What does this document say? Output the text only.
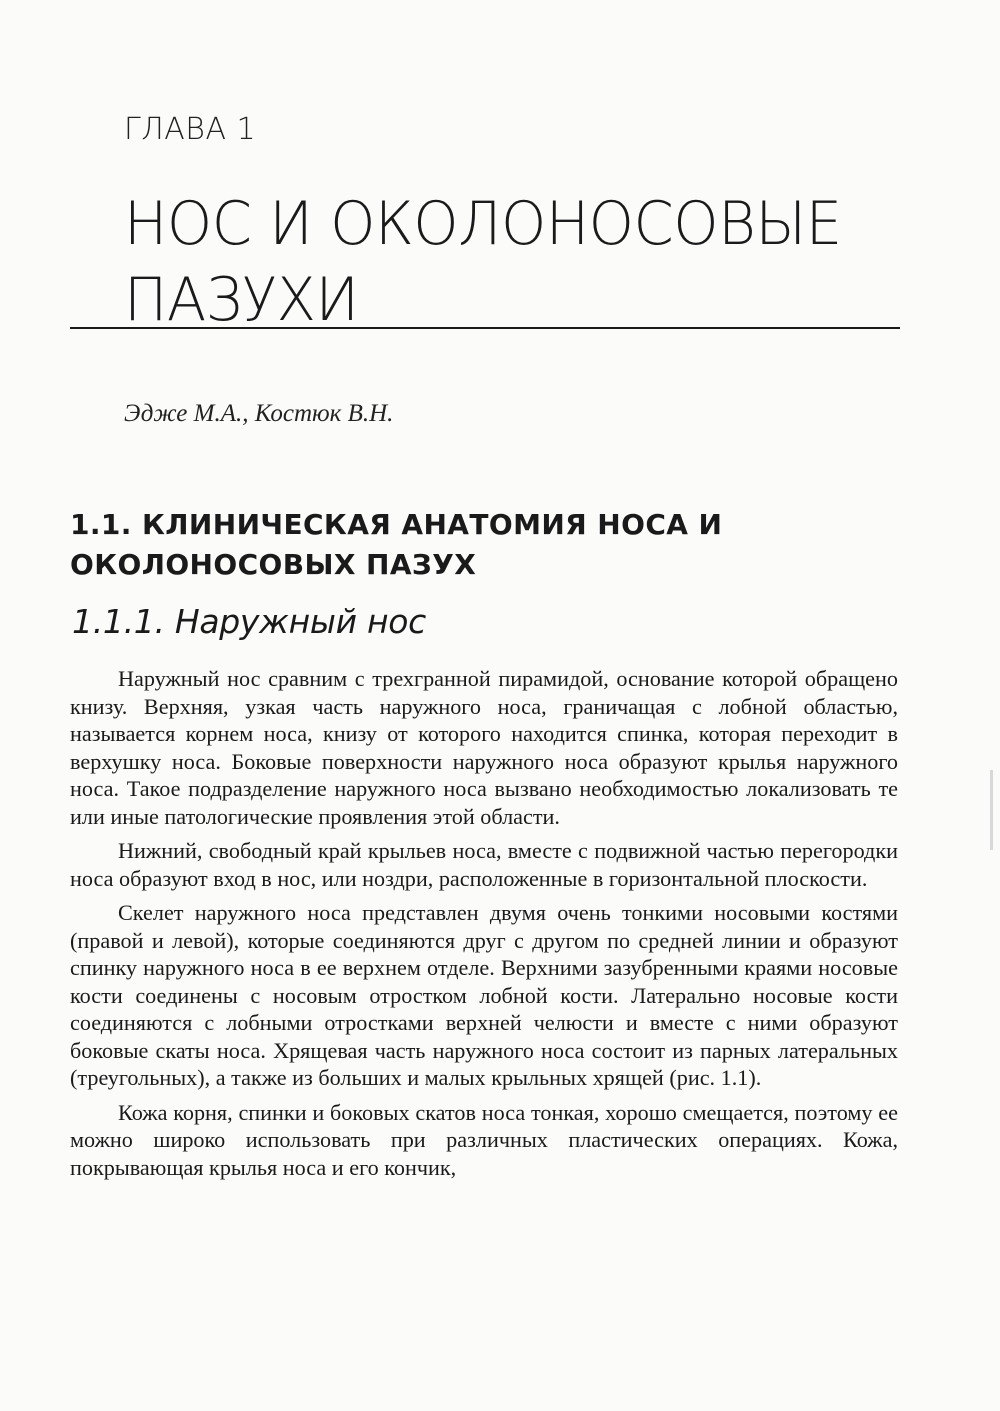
ГЛАВА 1
НОС И ОКОЛОНОСОВЫЕ ПАЗУХИ
Эдже М.А., Костюк В.Н.
1.1. КЛИНИЧЕСКАЯ АНАТОМИЯ НОСА И ОКОЛОНОСОВЫХ ПАЗУХ
1.1.1. Наружный нос

Наружный нос сравним с трехгранной пирамидой, основание которой обращено книзу. Верхняя, узкая часть наружного носа, граничащая с лобной областью, называется корнем носа, книзу от которого находится спинка, которая переходит в верхушку носа. Боковые поверхности наружного носа образуют крылья наружного носа. Такое подразделение наружного носа вызвано необходимостью локализовать те или иные патологические проявления этой области.

Нижний, свободный край крыльев носа, вместе с подвижной частью перегородки носа образуют вход в нос, или ноздри, расположенные в горизонтальной плоскости.

Скелет наружного носа представлен двумя очень тонкими носовыми костями (правой и левой), которые соединяются друг с другом по средней линии и образуют спинку наружного носа в ее верхнем отделе. Верхними зазубренными краями носовые кости соединены с носовым отростком лобной кости. Латерально носовые кости соединяются с лобными отростками верхней челюсти и вместе с ними образуют боковые скаты носа. Хрящевая часть наружного носа состоит из парных латеральных (треугольных), а также из больших и малых крыльных хрящей (рис. 1.1).

Кожа корня, спинки и боковых скатов носа тонкая, хорошо смещается, поэтому ее можно широко использовать при различных пластических операциях. Кожа, покрывающая крылья носа и его кончик,
